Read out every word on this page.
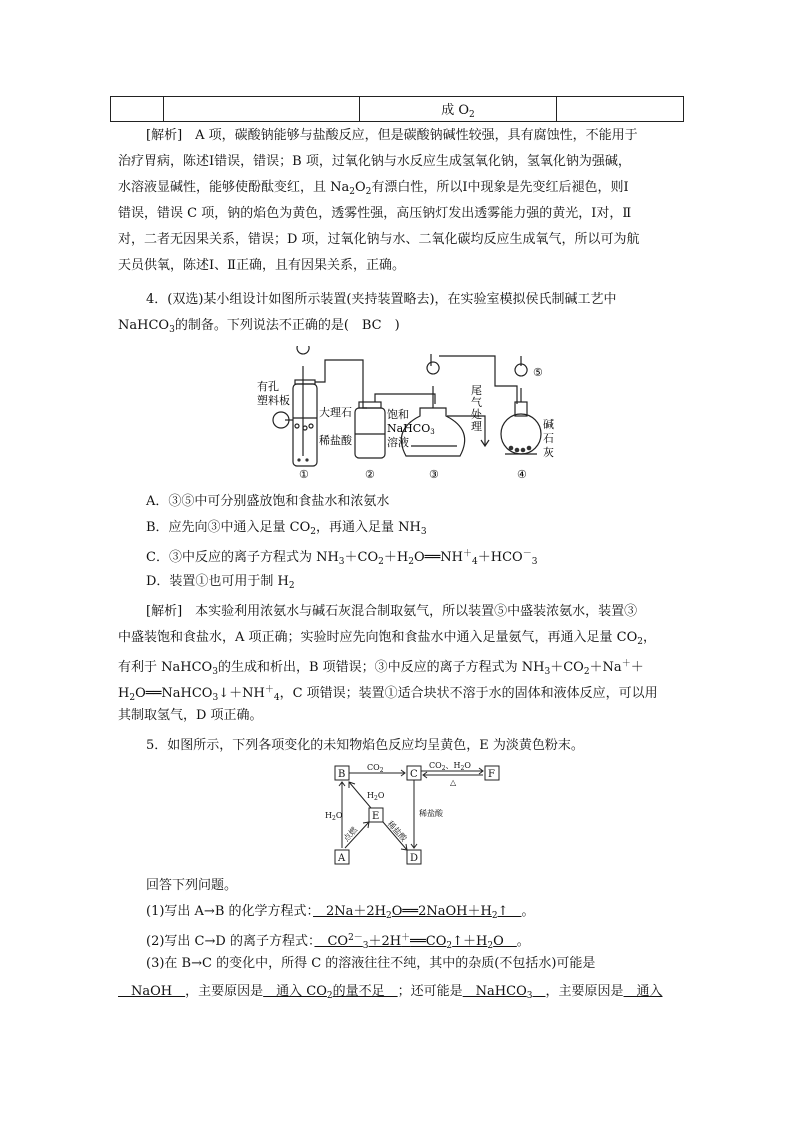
		成 $O_2$	
[解析]　A 项，碳酸钠能够与盐酸反应，但是碳酸钠碱性较强，具有腐蚀性，不能用于
治疗胃病，陈述Ⅰ错误，错误；B 项，过氧化钠与水反应生成氢氧化钠，氢氧化钠为强碱，
水溶液显碱性，能够使酚酞变红，且 $Na_2O_2$有漂白性，所以Ⅰ中现象是先变红后褪色，则Ⅰ
错误，错误 C 项，钠的焰色为黄色，透雾性强，高压钠灯发出透雾能力强的黄光，Ⅰ对，Ⅱ
对，二者无因果关系，错误；D 项，过氧化钠与水、二氧化碳均反应生成氧气，所以可为航
天员供氧，陈述Ⅰ、Ⅱ正确，且有因果关系，正确。
4．(双选)某小组设计如图所示装置(夹持装置略去)，在实验室模拟侯氏制碱工艺中
NaHCO$_3$的制备。下列说法不正确的是(　BC　)
有孔
塑料板
大理石
稀盐酸
饱和
NaHCO3
溶液
尾
气
处
理	碱
石
灰
①	②	③	④
⑤
A．③⑤中可分别盛放饱和食盐水和浓氨水
B．应先向③中通入足量 $CO_2$，再通入足量 $NH_3$
C．③中反应的离子方程式为 $NH_3+CO_2+H_2O══NH^+_4+HCO^-_3$
D．装置①也可用于制 $H_2$
[解析]　本实验利用浓氨水与碱石灰混合制取氨气，所以装置⑤中盛装浓氨水，装置③
中盛装饱和食盐水，A 项正确；实验时应先向饱和食盐水中通入足量氨气，再通入足量 $CO_2$，
有利于 NaHCO$_3$的生成和析出，B 项错误；③中反应的离子方程式为 $NH_3+CO_2+Na^++$
$H_2O══NaHCO_3↓+NH^+_4$，C 项错误；装置①适合块状不溶于水的固体和液体反应，可以用
其制取氢气，D 项正确。
5．如图所示，下列各项变化的未知物焰色反应均呈黄色，E 为淡黄色粉末。
B	C	F
E
A	D
$CO_2$
$CO_2$、$H_2O$
△
$H_2O$
$H_2O$	稀盐酸
点燃	稀盐酸
回答下列问题。
(1)写出 A→B 的化学方程式：　$2Na+2H_2O══2NaOH+H_2↑$　。
(2)写出 C→D 的离子方程式：　$CO^{2-}_3+2H^+══CO_2↑+H_2O$　。
(3)在 B→C 的变化中，所得 C 的溶液往往不纯，其中的杂质(不包括水)可能是
　NaOH　，主要原因是　通入 $CO_2$的量不足　；还可能是　NaHCO$_3$　 ，主要原因是　通入
